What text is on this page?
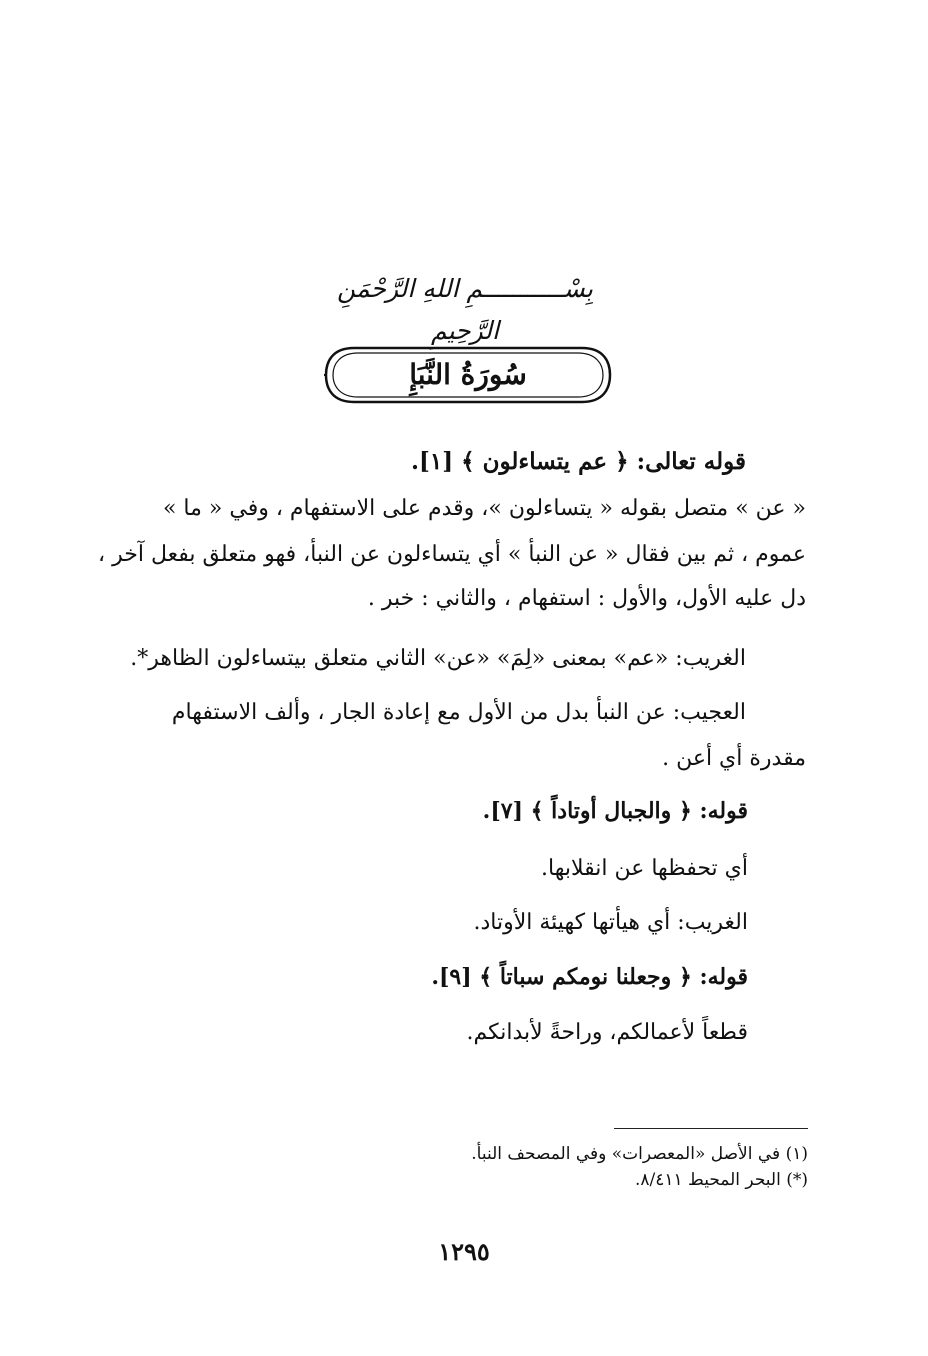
بِسْـــــــــــمِ اللهِ الرَّحْمَنِ الرَّحِيمِ
سُورَةُ النَّبَإِ
قوله تعالى: ﴿ عم يتساءلون ﴾ [١].
« عن » متصل بقوله « يتساءلون »، وقدم على الاستفهام ، وفي « ما »
عموم ، ثم بين فقال « عن النبأ » أي يتساءلون عن النبأ، فهو متعلق بفعل آخر ،
دل عليه الأول، والأول : استفهام ، والثاني : خبر .
الغريب: «عم» بمعنى «لِمَ» «عن» الثاني متعلق بيتساءلون الظاهر*.
العجيب: عن النبأ بدل من الأول مع إعادة الجار ، وألف الاستفهام
مقدرة أي أعن .
قوله: ﴿ والجبال أوتاداً ﴾ [٧].
أي تحفظها عن انقلابها.
الغريب: أي هيأتها كهيئة الأوتاد.
قوله: ﴿ وجعلنا نومكم سباتاً ﴾ [٩].
قطعاً لأعمالكم، وراحةً لأبدانكم.
(١) في الأصل «المعصرات» وفي المصحف النبأ.
(*) البحر المحيط ٨/٤١١.
١٢٩٥
